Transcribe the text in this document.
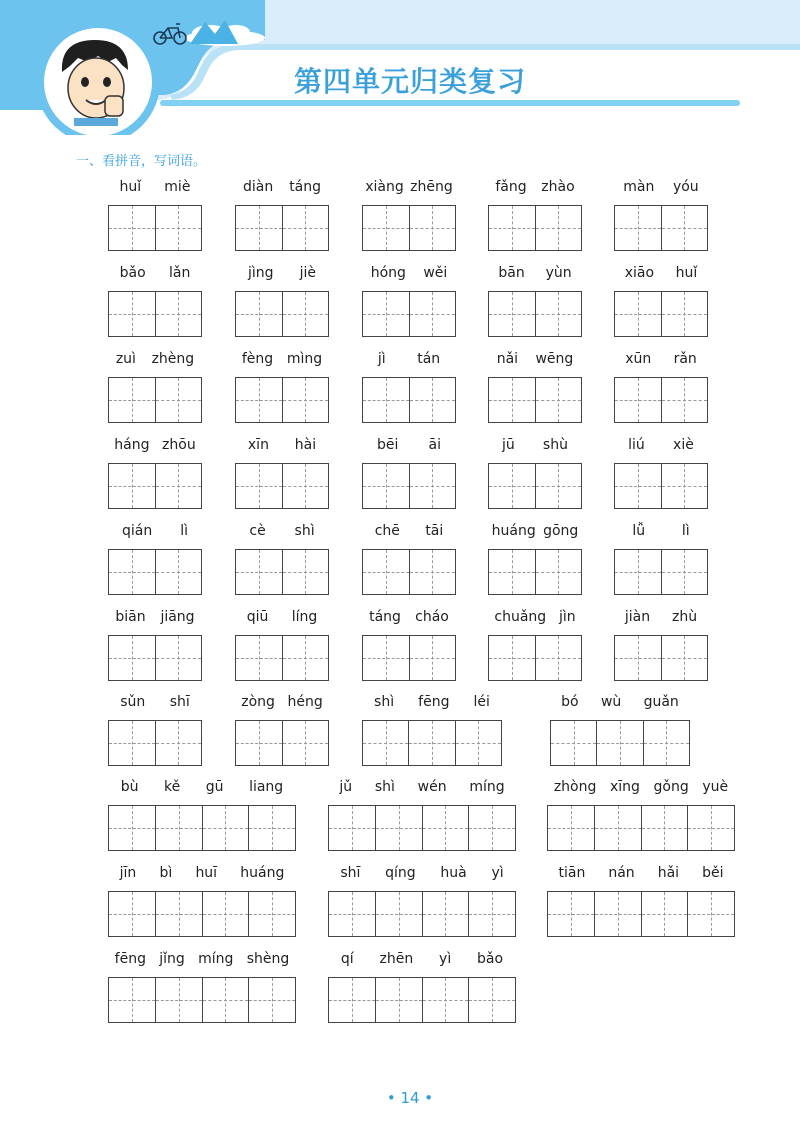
第四单元归类复习
一、看拼音，写词语。
huǐ miè	diàn táng	xiàng zhēng	fǎng zhào	màn yóu
bǎo lǎn	jìng jiè	hóng wěi	bān yùn	xiāo huǐ
zuì zhèng	fèng mìng	jì tán	nǎi wēng	xūn rǎn
háng zhōu	xīn hài	bēi āi	jū shù	liú xiè
qián lì	cè shì	chē tāi	huáng gōng	lǚ	lì
biān jiāng	qiū líng	táng cháo	chuǎng jìn	jiàn zhù
sǔn shī	zòng héng	shì fēng léi	bó wù guǎn
bù kě gū liang	jǔ shì wén míng	zhòng xīng gǒng yuè
jīn bì huī huáng	shī qíng huà yì	tiān nán hǎi běi
fēng jǐng míng shèng	qí zhēn yì bǎo
• 14 •
